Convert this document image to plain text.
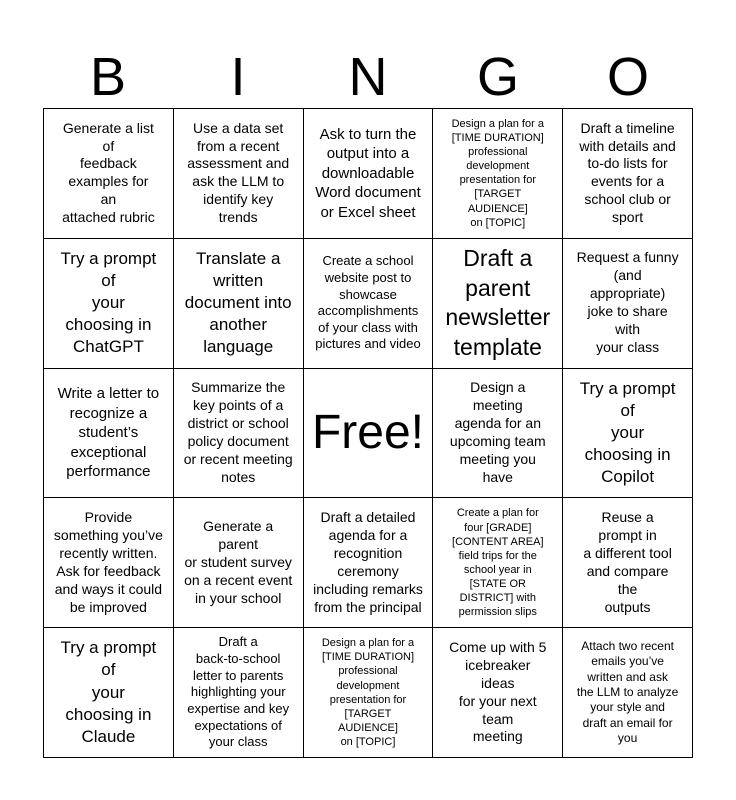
B	I	N	G	O
Generate a list
of
feedback
examples for
an
attached rubric
Use a data set
from a recent
assessment and
ask the LLM to
identify key
trends
Ask to turn the
output into a
downloadable
Word document
or Excel sheet
Design a plan for a
[TIME DURATION]
professional
development
presentation for
[TARGET
AUDIENCE]
on [TOPIC]
Draft a timeline
with details and
to-do lists for
events for a
school club or
sport
Try a prompt
of
your
choosing in
ChatGPT
Translate a
written
document into
another
language
Create a school
website post to
showcase
accomplishments
of your class with
pictures and video
Draft a
parent
newsletter
template
Request a funny
(and
appropriate)
joke to share
with
your class
Write a letter to
recognize a
student’s
exceptional
performance
Summarize the
key points of a
district or school
policy document
or recent meeting
notes
Free!
Design a
meeting
agenda for an
upcoming team
meeting you
have
Try a prompt
of
your
choosing in
Copilot
Provide
something you’ve
recently written.
Ask for feedback
and ways it could
be improved
Generate a
parent
or student survey
on a recent event
in your school
Draft a detailed
agenda for a
recognition
ceremony
including remarks
from the principal
Create a plan for
four [GRADE]
[CONTENT AREA]
field trips for the
school year in
[STATE OR
DISTRICT] with
permission slips
Reuse a
prompt in
a different tool
and compare
the
outputs
Try a prompt
of
your
choosing in
Claude
Draft a
back-to-school
letter to parents
highlighting your
expertise and key
expectations of
your class
Design a plan for a
[TIME DURATION]
professional
development
presentation for
[TARGET
AUDIENCE]
on [TOPIC]
Come up with 5
icebreaker
ideas
for your next
team
meeting
Attach two recent
emails you’ve
written and ask
the LLM to analyze
your style and
draft an email for
you
